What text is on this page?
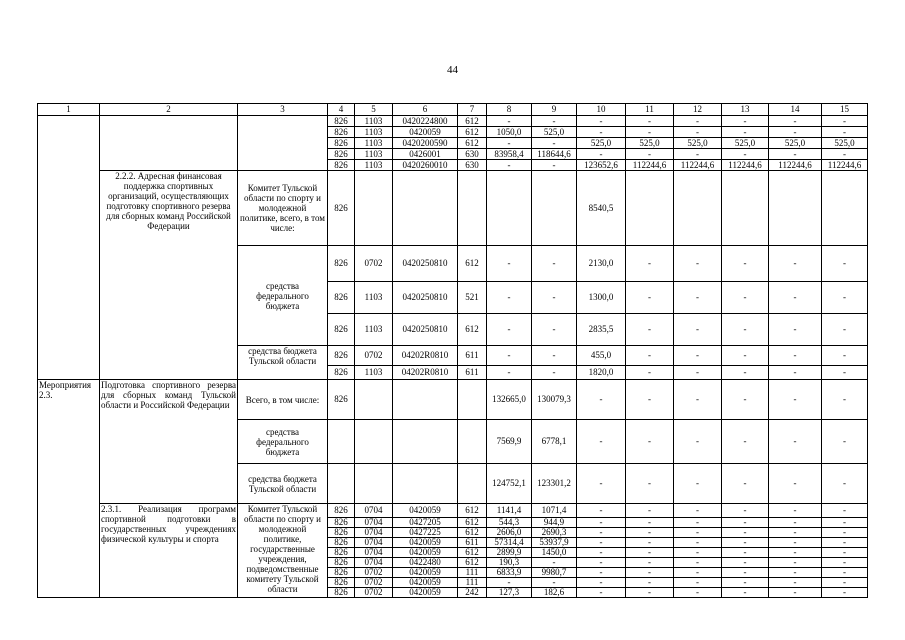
44
1	2	3	4	5	6	7	8	9	10	11	12	13	14	15
			826	1103	0420224800	612	-	-	-	-	-	-	-	-
			826	1103	0420059	612	1050,0	525,0	-	-	-	-	-	-
			826	1103	0420200590	612	-	-	525,0	525,0	525,0	525,0	525,0	525,0
			826	1103	0426001	630	83958,4	118644,6	-	-	-	-	-	-
			826	1103	0420260010	630	-	-	123652,6	112244,6	112244,6	112244,6	112244,6	112244,6
	2.2.2. Адресная финансовая поддержка спортивных организаций, осуществляющих подготовку спортивного резерва для сборных команд Российской Федерации	Комитет Тульской области по спорту и молодежной политике, всего, в том числе:	826						8540,5					
		средства федерального бюджета	826	0702	0420250810	612	-	-	2130,0	-	-	-	-	-
			826	1103	0420250810	521	-	-	1300,0	-	-	-	-	-
			826	1103	0420250810	612	-	-	2835,5	-	-	-	-	-
		средства бюджета Тульской области	826	0702	04202R0810	611	-	-	455,0	-	-	-	-	-
			826	1103	04202R0810	611	-	-	1820,0	-	-	-	-	-
Мероприятия 2.3.	Подготовка спортивного резерва для сборных команд Тульской области и Российской Федерации	Всего, в том числе:	826				132665,0	130079,3	-	-	-	-	-	-
		средства федерального бюджета					7569,9	6778,1	-	-	-	-	-	-
		средства бюджета Тульской области					124752,1	123301,2	-	-	-	-	-	-
	2.3.1. Реализация программ спортивной подготовки в государственных учреждениях физической культуры и спорта	Комитет Тульской области по спорту и молодежной политике, государственные учреждения, подведомственные комитету Тульской области	826	0704	0420059	612	1141,4	1071,4	-	-	-	-	-	-
			826	0704	0427205	612	544,3	944,9	-	-	-	-	-	-
			826	0704	0427225	612	2606,0	2690,3	-	-	-	-	-	-
			826	0704	0420059	611	57314,4	53937,9	-	-	-	-	-	-
			826	0704	0420059	612	2899,9	1450,0	-	-	-	-	-	-
			826	0704	0422480	612	190,3	-	-	-	-	-	-	-
			826	0702	0420059	111	6833,9	9980,7	-	-	-	-	-	-
			826	0702	0420059	111	-	-	-	-	-	-	-	-
			826	0702	0420059	242	127,3	182,6	-	-	-	-	-	-
